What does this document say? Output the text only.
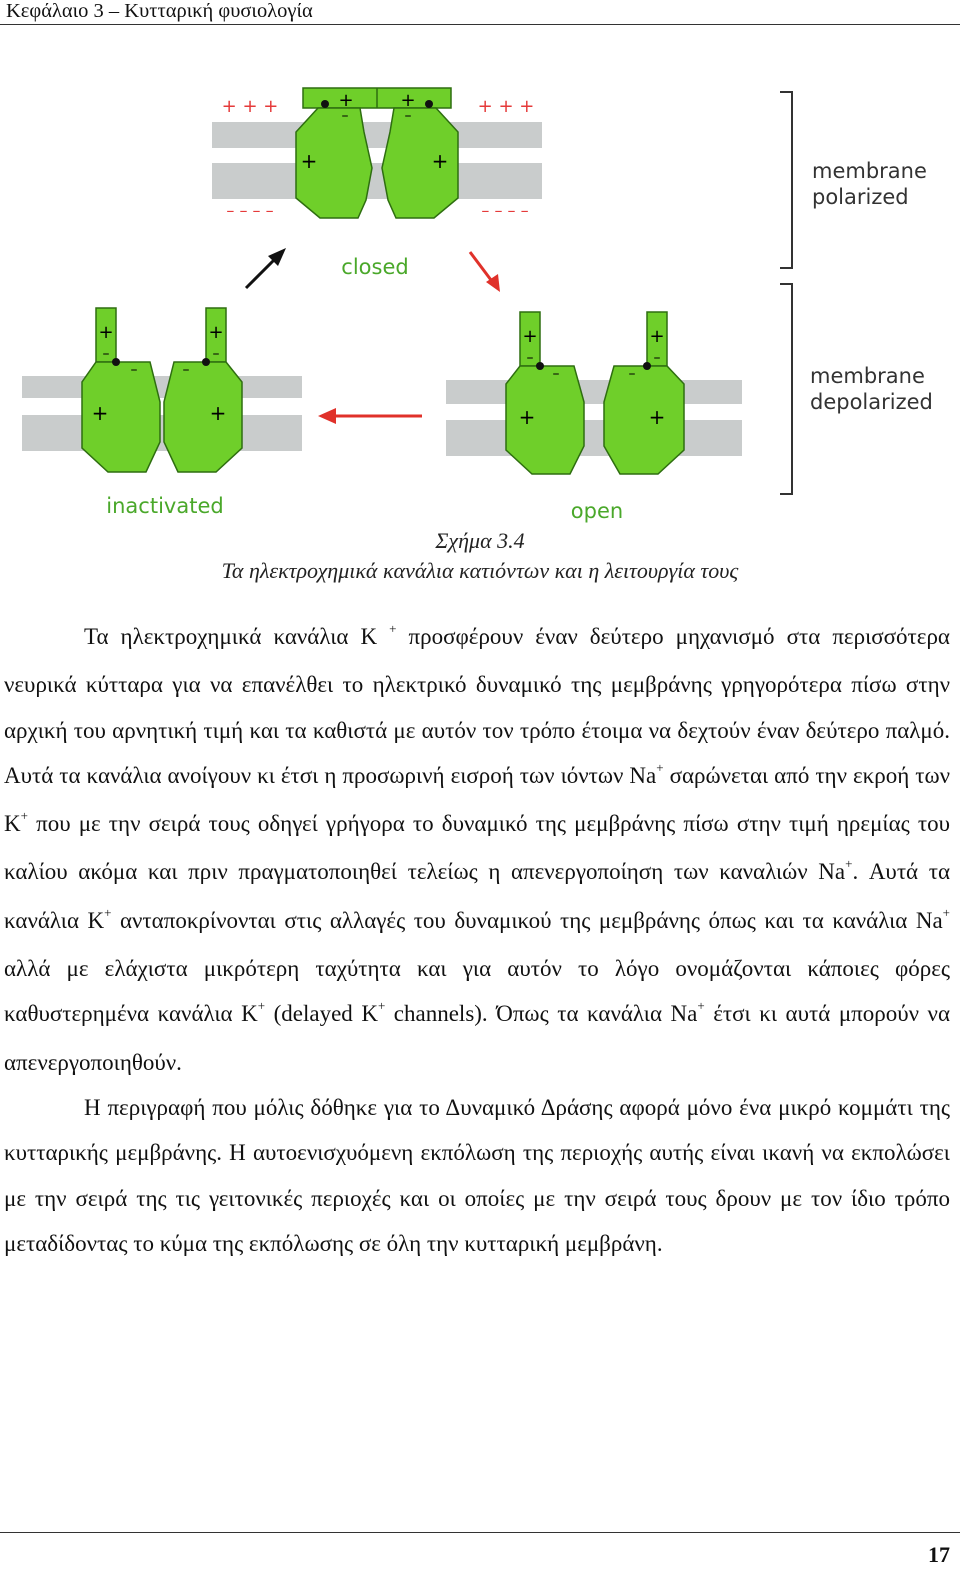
Κεφάλαιο 3 – Κυτταρική φυσιολογία
+	+
+	+
–	–
+ + +	+ + +
– – – –	– – – –
closed
+	+
–	–
–	–
+	+
inactivated
+	+
–	–
–	–
+	+
open
membrane
polarized
membrane
depolarized
Σχήμα 3.4
Τα ηλεκτροχημικά κανάλια κατιόντων και η λειτουργία τους

Τα ηλεκτροχημικά κανάλια K + προσφέρουν έναν δεύτερο μηχανισμό στα περισσότερα νευρικά κύτταρα για να επανέλθει το ηλεκτρικό δυναμικό της μεμβράνης γρηγορότερα πίσω στην αρχική του αρνητική τιμή και τα καθιστά με αυτόν τον τρόπο έτοιμα να δεχτούν έναν δεύτερο παλμό. Αυτά τα κανάλια ανοίγουν κι έτσι η προσωρινή εισροή των ιόντων Na+ σαρώνεται από την εκροή των K+ που με την σειρά τους οδηγεί γρήγορα το δυναμικό της μεμβράνης πίσω στην τιμή ηρεμίας του καλίου ακόμα και πριν πραγματοποιηθεί τελείως η απενεργοποίηση των καναλιών Na+. Αυτά τα κανάλια K+ ανταποκρίνονται στις αλλαγές του δυναμικού της μεμβράνης όπως και τα κανάλια Na+ αλλά με ελάχιστα μικρότερη ταχύτητα και για αυτόν το λόγο ονομάζονται κάποιες φόρες καθυστερημένα κανάλια K+ (delayed K+ channels). Όπως τα κανάλια Na+ έτσι κι αυτά μπορούν να απενεργοποιηθούν.

Η περιγραφή που μόλις δόθηκε για το Δυναμικό Δράσης αφορά μόνο ένα μικρό κομμάτι της κυτταρικής μεμβράνης. Η αυτοενισχυόμενη εκπόλωση της περιοχής αυτής είναι ικανή να εκπολώσει με την σειρά της τις γειτονικές περιοχές και οι οποίες με την σειρά τους δρουν με τον ίδιο τρόπο μεταδίδοντας το κύμα της εκπόλωσης σε όλη την κυτταρική μεμβράνη.

17
